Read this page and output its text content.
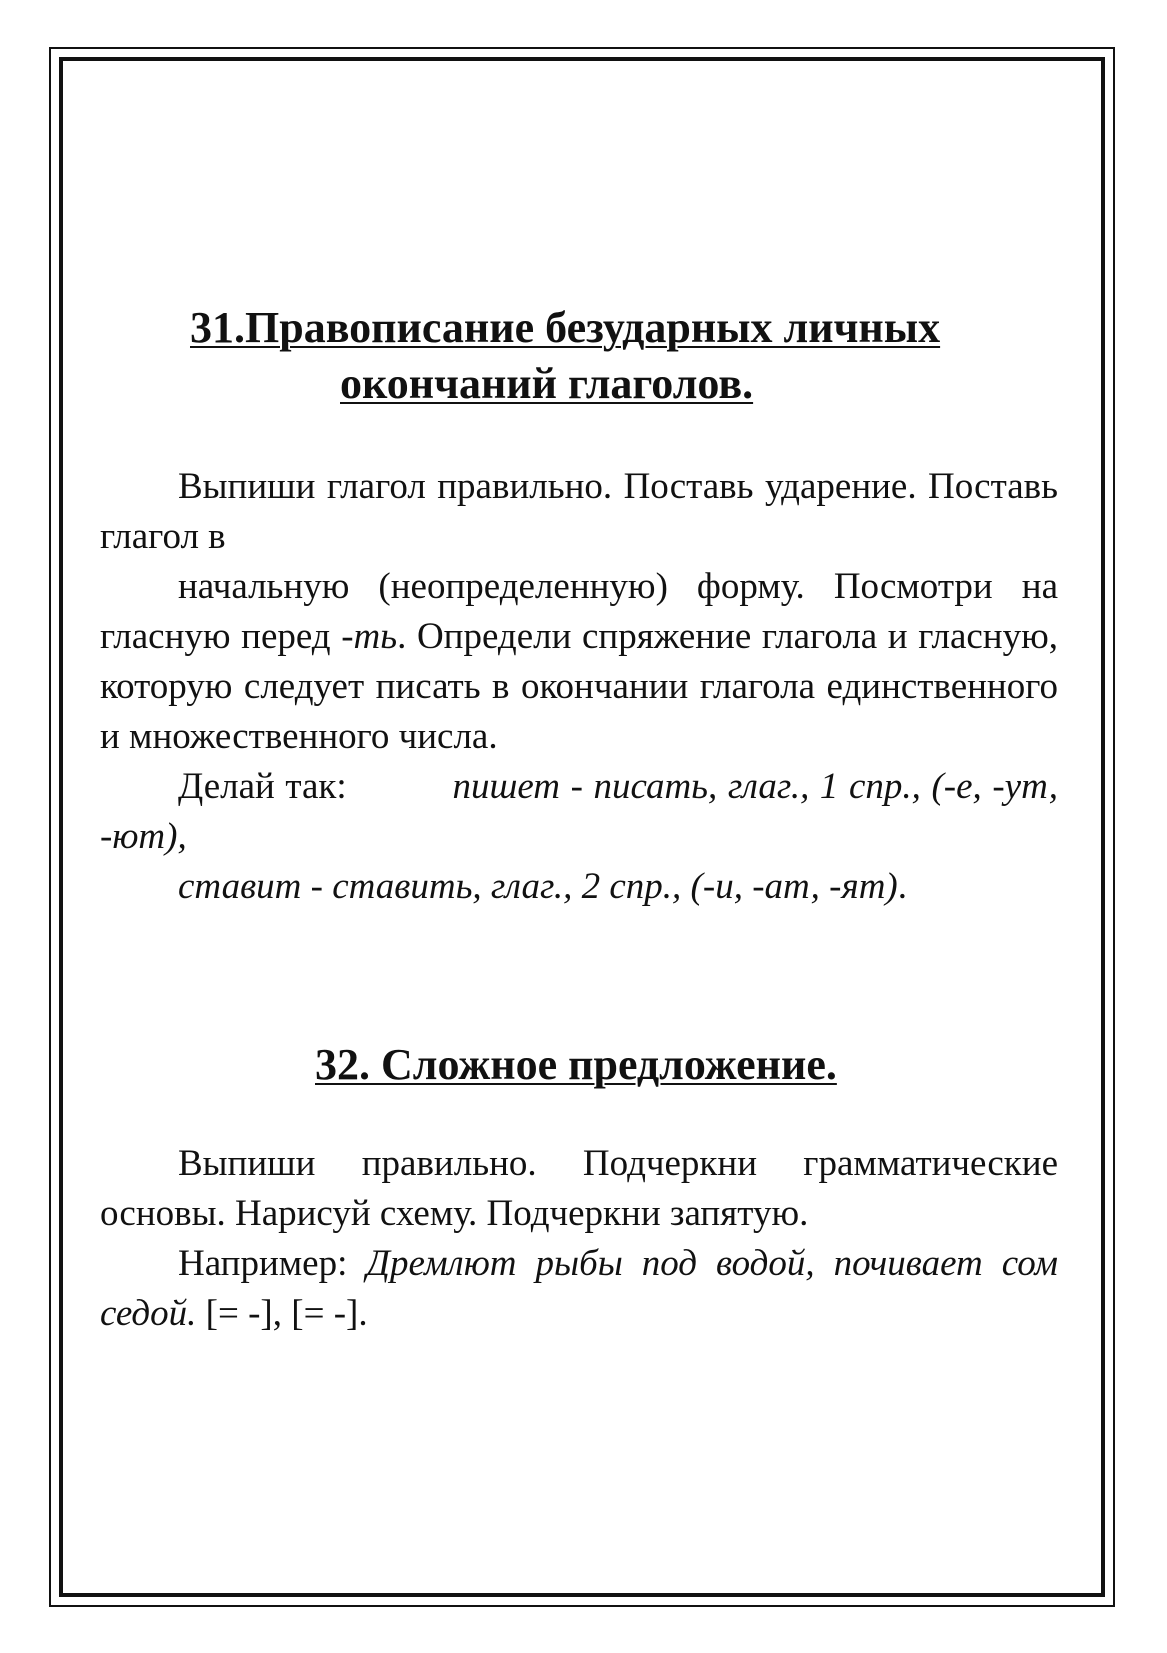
31.Правописание безударных личных
окончаний глаголов.

Выпиши глагол правильно. Поставь ударение. Поставь глагол в

начальную (неопределенную) форму. Посмотри на гласную перед -ть. Определи спряжение глагола и гласную, которую следует писать в окончании глагола единственного и множественного числа.

Делай так:	пишет - писать, глаг., 1 спр., (-е, -ут, -ют),

ставит - ставить, глаг., 2 спр., (-и, -ат, -ят).

32. Сложное предложение.

Выпиши правильно. Подчеркни грамматические основы. Нарисуй схему. Подчеркни запятую.

Например: Дремлют рыбы под водой, почивает сом седой. [= -], [= -].
